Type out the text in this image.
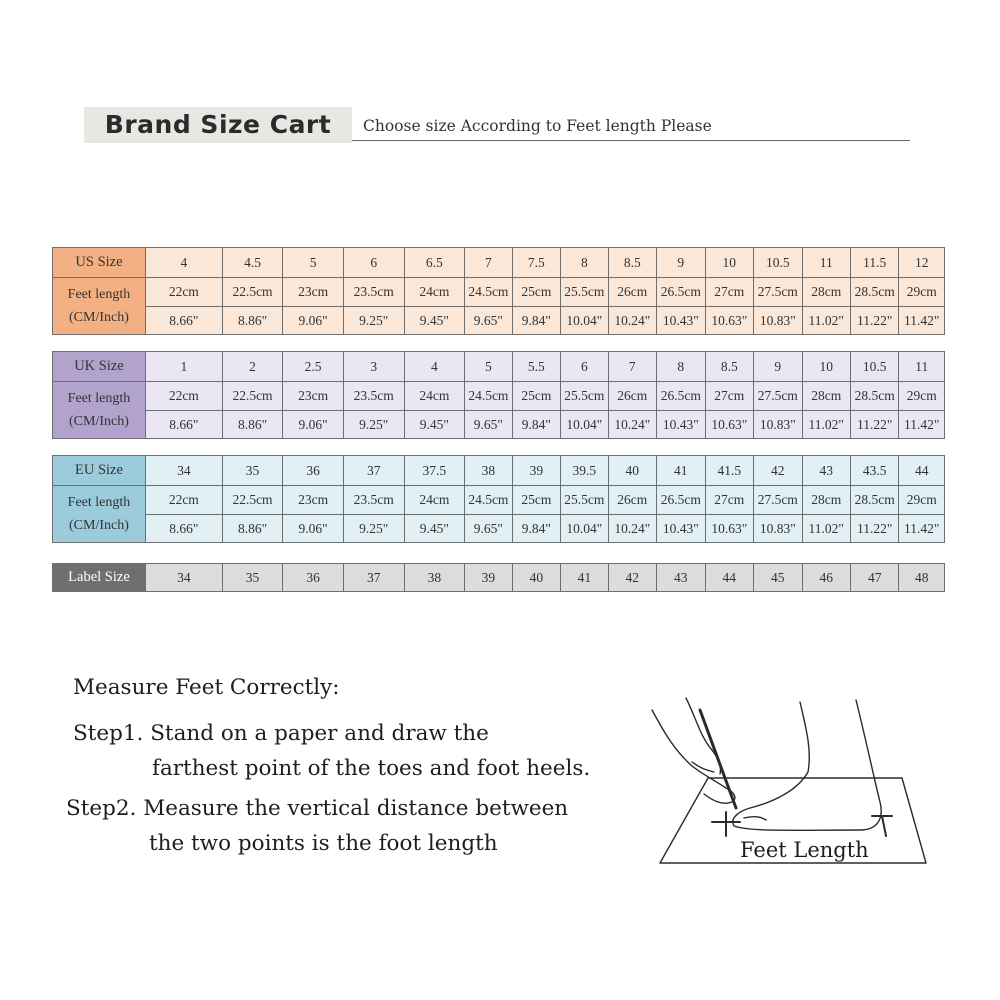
Brand Size Cart	Choose size According to Feet length Please
US Size	4	4.5	5	6	6.5	7	7.5	8	8.5	9	10	10.5	11	11.5	12

Feet length
(CM/Inch)	22cm	22.5cm	23cm	23.5cm	24cm	24.5cm	25cm	25.5cm	26cm	26.5cm	27cm	27.5cm	28cm	28.5cm	29cm
	8.66"	8.86"	9.06"	9.25"	9.45"	9.65"	9.84"	10.04"	10.24"	10.43"	10.63"	10.83"	11.02"	11.22"	11.42"
UK Size	1	2	2.5	3	4	5	5.5	6	7	8	8.5	9	10	10.5	11

Feet length
(CM/Inch)	22cm	22.5cm	23cm	23.5cm	24cm	24.5cm	25cm	25.5cm	26cm	26.5cm	27cm	27.5cm	28cm	28.5cm	29cm
	8.66"	8.86"	9.06"	9.25"	9.45"	9.65"	9.84"	10.04"	10.24"	10.43"	10.63"	10.83"	11.02"	11.22"	11.42"
EU Size	34	35	36	37	37.5	38	39	39.5	40	41	41.5	42	43	43.5	44

Feet length
(CM/Inch)	22cm	22.5cm	23cm	23.5cm	24cm	24.5cm	25cm	25.5cm	26cm	26.5cm	27cm	27.5cm	28cm	28.5cm	29cm
	8.66"	8.86"	9.06"	9.25"	9.45"	9.65"	9.84"	10.04"	10.24"	10.43"	10.63"	10.83"	11.02"	11.22"	11.42"
Label Size	34	35	36	37	38	39	40	41	42	43	44	45	46	47	48
Measure Feet Correctly:
Step1. Stand on a paper and draw the
farthest point of the toes and foot heels.
Step2. Measure the vertical distance between
the two points is the foot length	Feet Length
